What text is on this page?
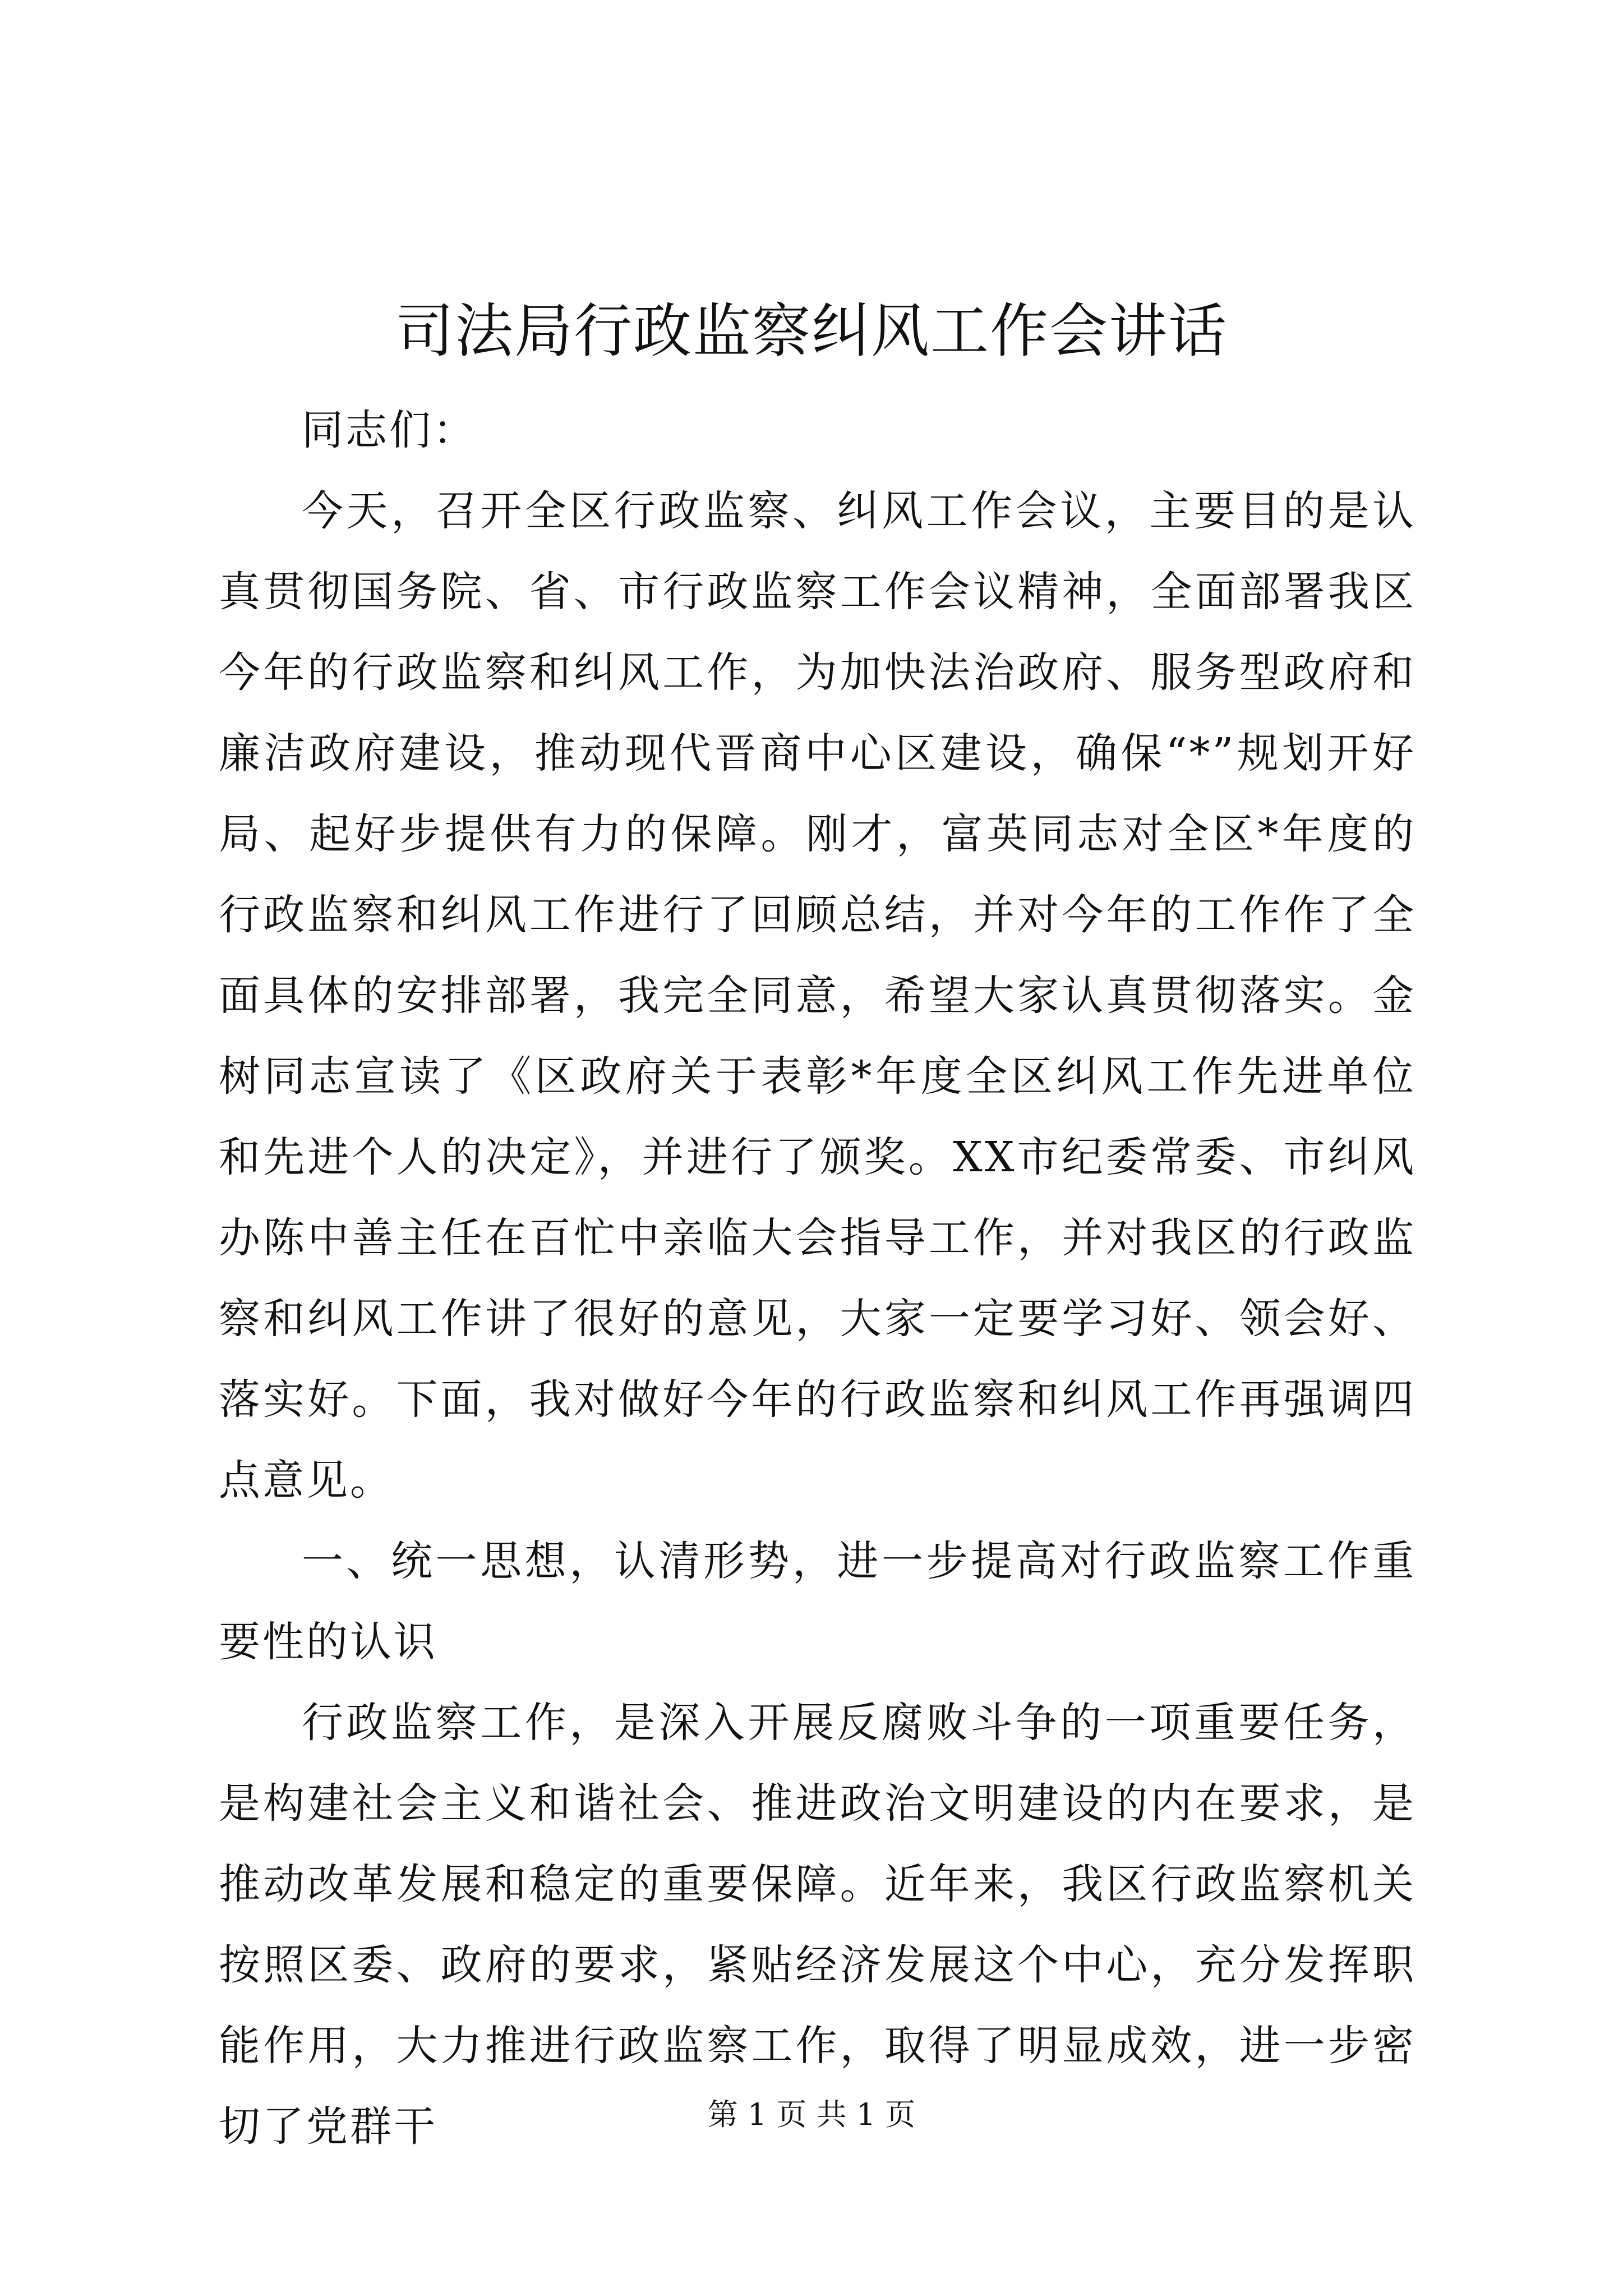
司法局行政监察纠风工作会讲话

同志们：

今天，召开全区行政监察、纠风工作会议，主要目的是认真贯彻国务院、省、市行政监察工作会议精神，全面部署我区今年的行政监察和纠风工作，为加快法治政府、服务型政府和廉洁政府建设，推动现代晋商中心区建设，确保“*”规划开好局、起好步提供有力的保障。刚才，富英同志对全区*年度的行政监察和纠风工作进行了回顾总结，并对今年的工作作了全面具体的安排部署，我完全同意，希望大家认真贯彻落实。金树同志宣读了《区政府关于表彰*年度全区纠风工作先进单位和先进个人的决定》，并进行了颁奖。XX市纪委常委、市纠风办陈中善主任在百忙中亲临大会指导工作，并对我区的行政监察和纠风工作讲了很好的意见，大家一定要学习好、领会好、落实好。下面，我对做好今年的行政监察和纠风工作再强调四点意见。

一、统一思想，认清形势，进一步提高对行政监察工作重要性的认识

行政监察工作，是深入开展反腐败斗争的一项重要任务，是构建社会主义和谐社会、推进政治文明建设的内在要求，是推动改革发展和稳定的重要保障。近年来，我区行政监察机关按照区委、政府的要求，紧贴经济发展这个中心，充分发挥职能作用，大力推进行政监察工作，取得了明显成效，进一步密切了党群干	第 1 页 共 1 页
